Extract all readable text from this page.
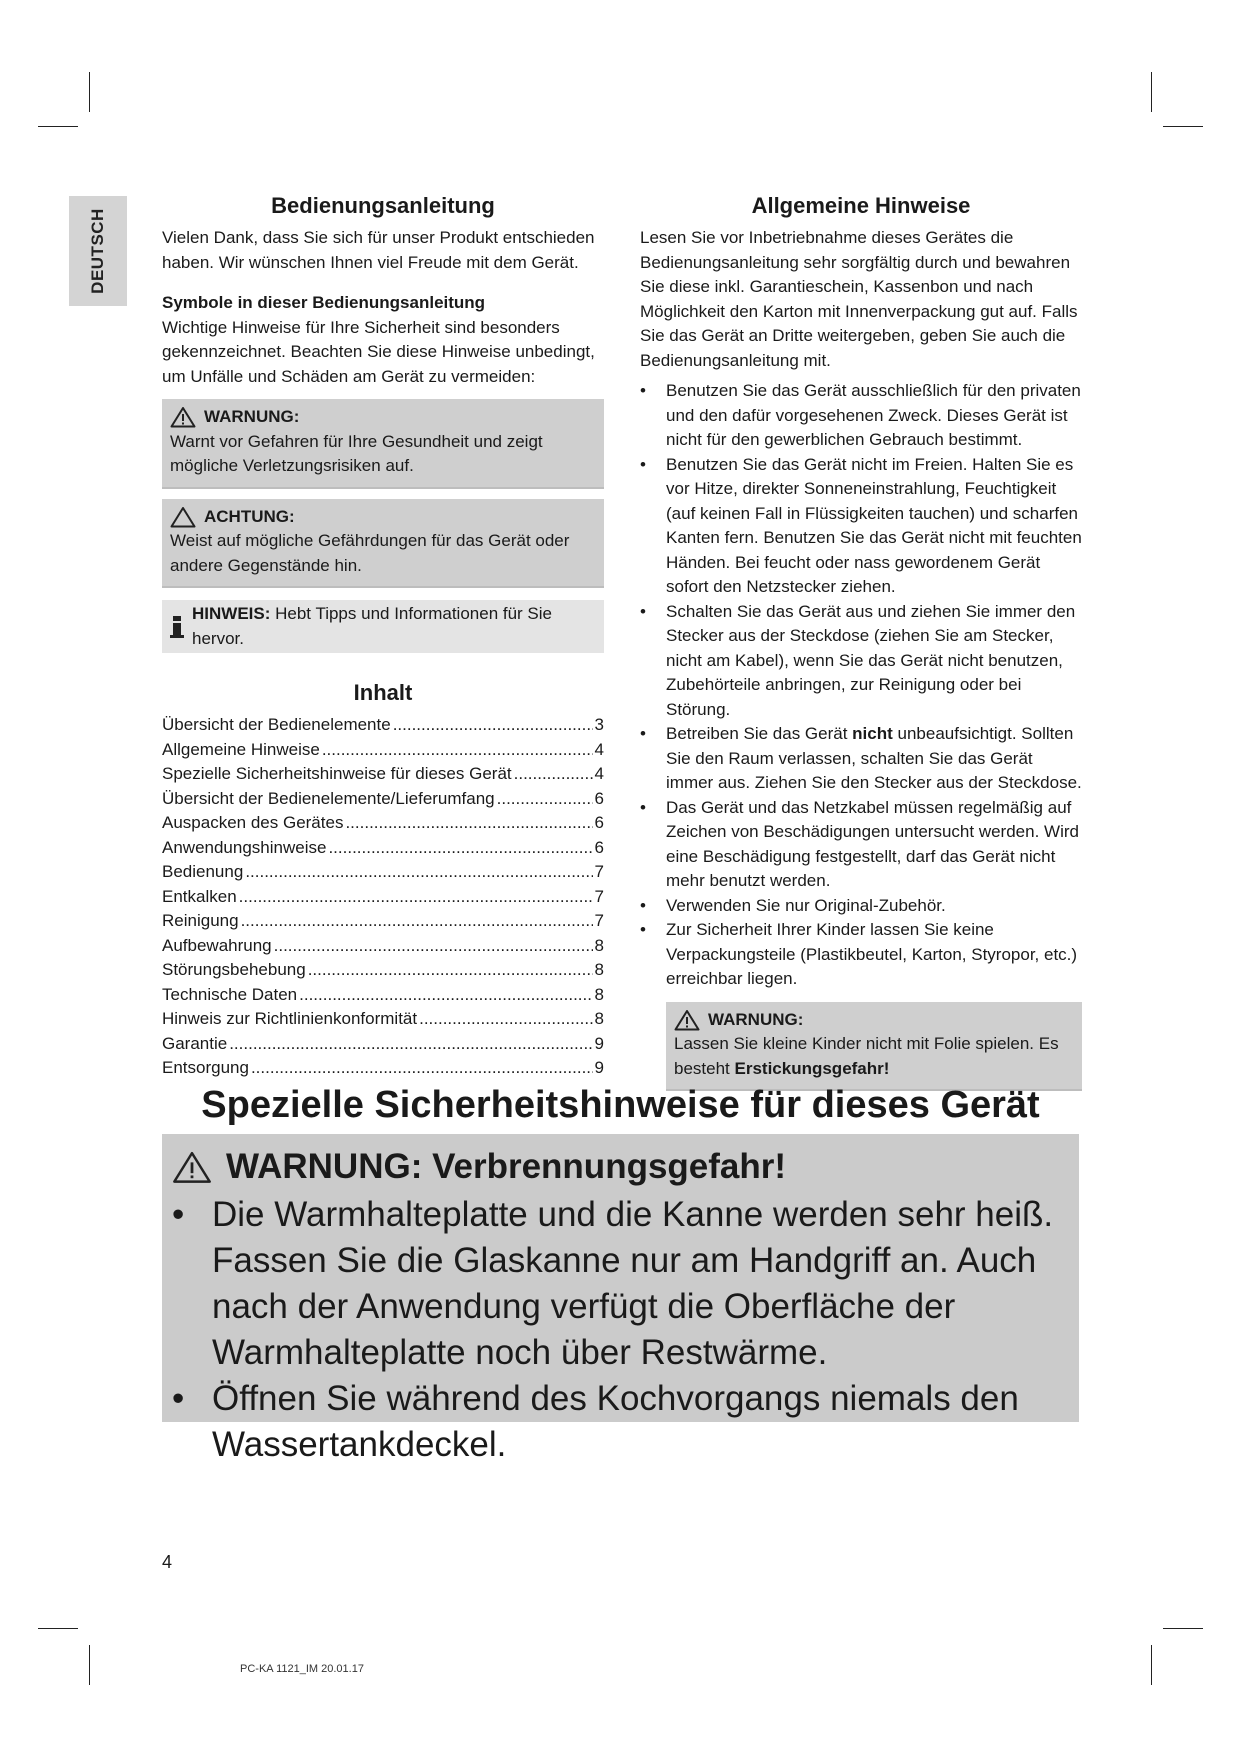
DEUTSCH
Bedienungsanleitung

Vielen Dank, dass Sie sich für unser Produkt entschieden haben. Wir wünschen Ihnen viel Freude mit dem Gerät.

Symbole in dieser Bedienungsanleitung

Wichtige Hinweise für Ihre Sicherheit sind besonders gekennzeichnet. Beachten Sie diese Hinweise unbedingt, um Unfälle und Schäden am Gerät zu vermeiden:

WARNUNG:

Warnt vor Gefahren für Ihre Gesundheit und zeigt mögliche Verletzungsrisiken auf.

ACHTUNG:

Weist auf mögliche Gefährdungen für das Gerät oder andere Gegenstände hin.

HINWEIS: Hebt Tipps und Informationen für Sie hervor.
Inhalt
Übersicht der Bedienelemente .....	3
Allgemeine Hinweise .....	4
Spezielle Sicherheitshinweise für dieses Gerät .....	4
Übersicht der Bedienelemente/Lieferumfang .....	6
Auspacken des Gerätes .....	6
Anwendungshinweise .....	6
Bedienung .....	7
Entkalken .....	7
Reinigung .....	7
Aufbewahrung .....	8
Störungsbehebung .....	8
Technische Daten .....	8
Hinweis zur Richtlinienkonformität .....	8
Garantie .....	9
Entsorgung .....	9
Allgemeine Hinweise

Lesen Sie vor Inbetriebnahme dieses Gerätes die Bedienungsanleitung sehr sorgfältig durch und bewahren Sie diese inkl. Garantieschein, Kassenbon und nach Möglichkeit den Karton mit Innenverpackung gut auf. Falls Sie das Gerät an Dritte weitergeben, geben Sie auch die Bedienungsanleitung mit.

• Benutzen Sie das Gerät ausschließlich für den privaten und den dafür vorgesehenen Zweck. Dieses Gerät ist nicht für den gewerblichen Gebrauch bestimmt.
• Benutzen Sie das Gerät nicht im Freien. Halten Sie es vor Hitze, direkter Sonneneinstrahlung, Feuchtigkeit (auf keinen Fall in Flüssigkeiten tauchen) und scharfen Kanten fern. Benutzen Sie das Gerät nicht mit feuchten Händen. Bei feucht oder nass gewordenem Gerät sofort den Netzstecker ziehen.
• Schalten Sie das Gerät aus und ziehen Sie immer den Stecker aus der Steckdose (ziehen Sie am Stecker, nicht am Kabel), wenn Sie das Gerät nicht benutzen, Zubehörteile anbringen, zur Reinigung oder bei Störung.
• Betreiben Sie das Gerät nicht unbeaufsichtigt. Sollten Sie den Raum verlassen, schalten Sie das Gerät immer aus. Ziehen Sie den Stecker aus der Steckdose.
• Das Gerät und das Netzkabel müssen regelmäßig auf Zeichen von Beschädigungen untersucht werden. Wird eine Beschädigung festgestellt, darf das Gerät nicht mehr benutzt werden.
• Verwenden Sie nur Original-Zubehör.
• Zur Sicherheit Ihrer Kinder lassen Sie keine Verpackungsteile (Plastikbeutel, Karton, Styropor, etc.) erreichbar liegen.
WARNUNG:

Lassen Sie kleine Kinder nicht mit Folie spielen. Es besteht Erstickungsgefahr!

Spezielle Sicherheitshinweise für dieses Gerät
WARNUNG: Verbrennungsgefahr!
• Die Warmhalteplatte und die Kanne werden sehr heiß. Fassen Sie die Glaskanne nur am Handgriff an. Auch nach der Anwendung verfügt die Oberfläche der Warmhalteplatte noch über Restwärme.
• Öffnen Sie während des Kochvorgangs niemals den Wassertankdeckel.
4
PC-KA 1121_IM 20.01.17
